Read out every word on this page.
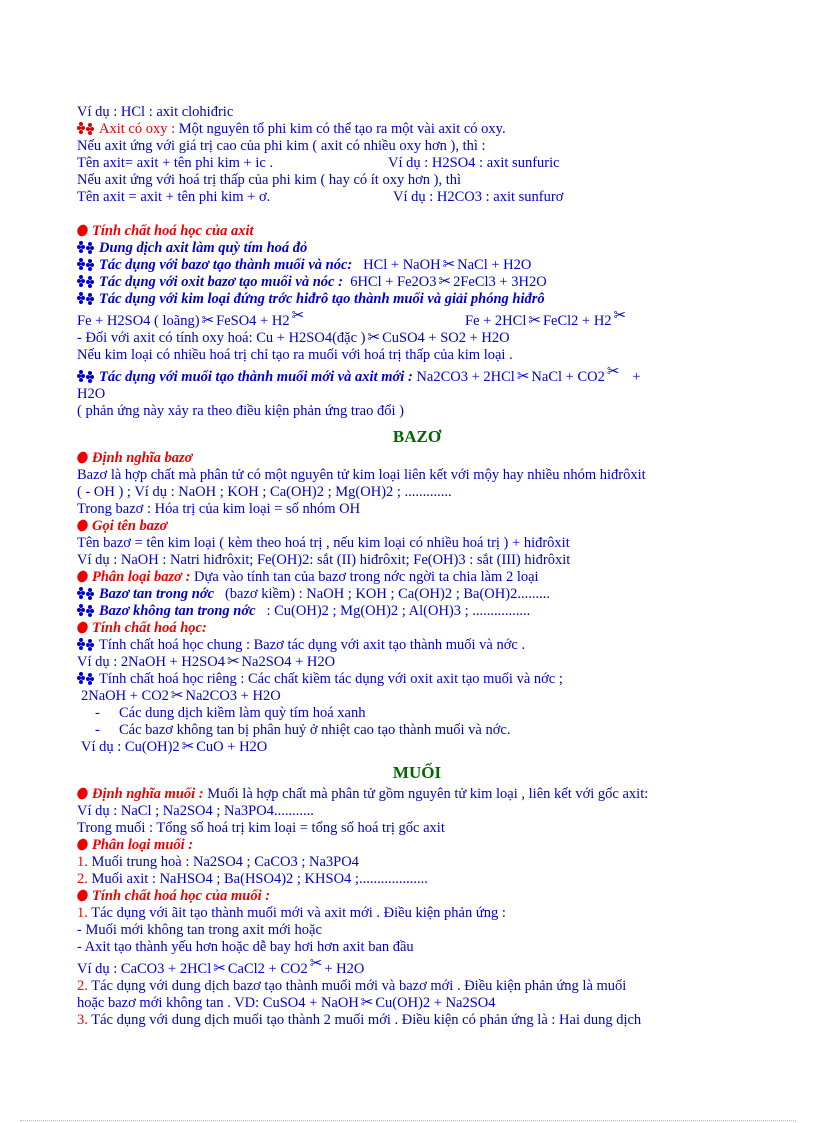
Ví dụ : HCl : axit clohiđric
Axit có oxy : Một nguyên tố phi kim có thể tạo ra một vài axit có oxy.
Nếu axit ứng với giá trị cao của phi kim ( axit có nhiều oxy hơn ), thì :
Tên axit= axit + tên phi kim + ic .	Ví dụ : H2SO4 : axit sunfuric
Nếu axit ứng với hoá trị thấp của phi kim ( hay có ít oxy hơn ), thì
Tên axit = axit + tên phi kim + ơ.	Ví dụ : H2CO3 : axit sunfurơ
Tính chất hoá học của axit
Dung dịch axit làm quỳ tím hoá đỏ
Tác dụng với bazơ tạo thành muối và nóc: HCl + NaOH ✂ NaCl + H2O
Tác dụng với oxit bazơ tạo muối và nóc : 6HCl + Fe2O3 ✂ 2FeCl3 + 3H2O
Tác dụng với kim loại đứng trớc hiđrô tạo thành muối và giải phóng hiđrô
Fe + H2SO4 ( loãng) ✂ FeSO4 + H2 ✂	Fe + 2HCl ✂ FeCl2 + H2 ✂
- Đối với axit có tính oxy hoá: Cu + H2SO4(đặc ) ✂ CuSO4 + SO2 + H2O
Nếu kim loại có nhiều hoá trị chỉ tạo ra muối với hoá trị thấp của kim loại .
Tác dụng với muối tạo thành muối mới và axit mới : Na2CO3 + 2HCl ✂ NaCl + CO2 ✂ +
H2O
( phản ứng này xảy ra theo điều kiện phản ứng trao đổi )
BAZƠ
Định nghĩa bazơ
Bazơ là hợp chất mà phân tử có một nguyên tử kim loại liên kết với mộy hay nhiều nhóm hiđrôxit
( - OH ) ; Ví dụ : NaOH ; KOH ; Ca(OH)2 ; Mg(OH)2 ; .............
Trong bazơ : Hóa trị của kim loại = số nhóm OH
Gọi tên bazơ
Tên bazơ = tên kim loại ( kèm theo hoá trị , nếu kim loại có nhiều hoá trị ) + hiđrôxit
Ví dụ : NaOH : Natri hiđrôxit; Fe(OH)2: sắt (II) hiđrôxit; Fe(OH)3 : sắt (III) hiđrôxit
Phân loại bazơ : Dựa vào tính tan của bazơ trong nớc ngời ta chia làm 2 loại
Bazơ tan trong nớc (bazơ kiềm) : NaOH ; KOH ; Ca(OH)2 ; Ba(OH)2.........
Bazơ không tan trong nớc : Cu(OH)2 ; Mg(OH)2 ; Al(OH)3 ; ................
Tính chất hoá học:
Tính chất hoá học chung : Bazơ tác dụng với axit tạo thành muối và nớc .
Ví dụ : 2NaOH + H2SO4 ✂ Na2SO4 + H2O
Tính chất hoá học riêng : Các chất kiềm tác dụng với oxit axit tạo muối và nớc ;
2NaOH + CO2 ✂ Na2CO3 + H2O
- Các dung dịch kiềm làm quỳ tím hoá xanh
- Các bazơ không tan bị phân huỷ ở nhiệt cao tạo thành muối và nớc.
Ví dụ : Cu(OH)2 ✂ CuO + H2O
MUỐI
Định nghĩa muối : Muối là hợp chất mà phân tử gồm nguyên tử kim loại , liên kết với gốc axit:
Ví dụ : NaCl ; Na2SO4 ; Na3PO4...........
Trong muối : Tổng số hoá trị kim loại = tổng số hoá trị gốc axit
Phân loại muối :
1. Muối trung hoà : Na2SO4 ; CaCO3 ; Na3PO4
2. Muối axit : NaHSO4 ; Ba(HSO4)2 ; KHSO4 ;...................
Tính chất hoá học của muối :
1. Tác dụng với ãit tạo thành muối mới và axit mới . Điều kiện phản ứng :
- Muối mới không tan trong axit mới hoặc
- Axit tạo thành yếu hơn hoặc dễ bay hơi hơn axit ban đầu
Ví dụ : CaCO3 + 2HCl ✂ CaCl2 + CO2 ✂ + H2O
2. Tác dụng với dung dịch bazơ tạo thành muối mới và bazơ mới . Điều kiện phản ứng là muối
hoặc bazơ mới không tan . VD: CuSO4 + NaOH ✂ Cu(OH)2 + Na2SO4
3. Tác dụng với dung dịch muối tạo thành 2 muối mới . Điều kiện có phản ứng là : Hai dung dịch
